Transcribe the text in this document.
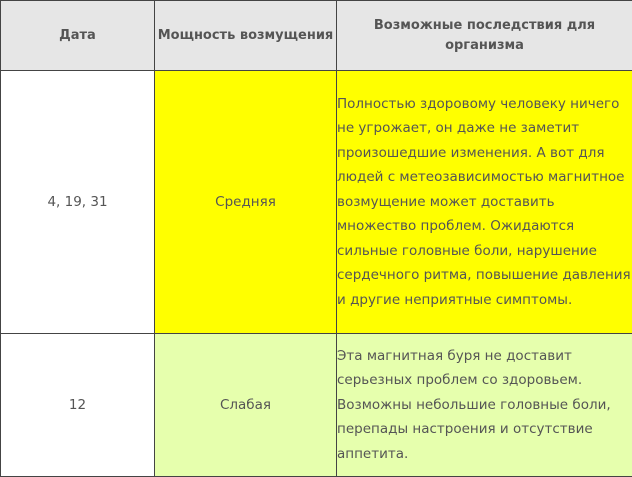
Дата	Мощность возмущения	Возможные последствия для организма
4, 19, 31	Средняя	Полностью здоровому человеку ничего не угрожает, он даже не заметит произошедшие изменения. А вот для людей с метеозависимостью магнитное возмущение может доставить множество проблем. Ожидаются сильные головные боли, нарушение сердечного ритма, повышение давления и другие неприятные симптомы.
12	Слабая	Эта магнитная буря не доставит серьезных проблем со здоровьем. Возможны небольшие головные боли, перепады настроения и отсутствие аппетита.
